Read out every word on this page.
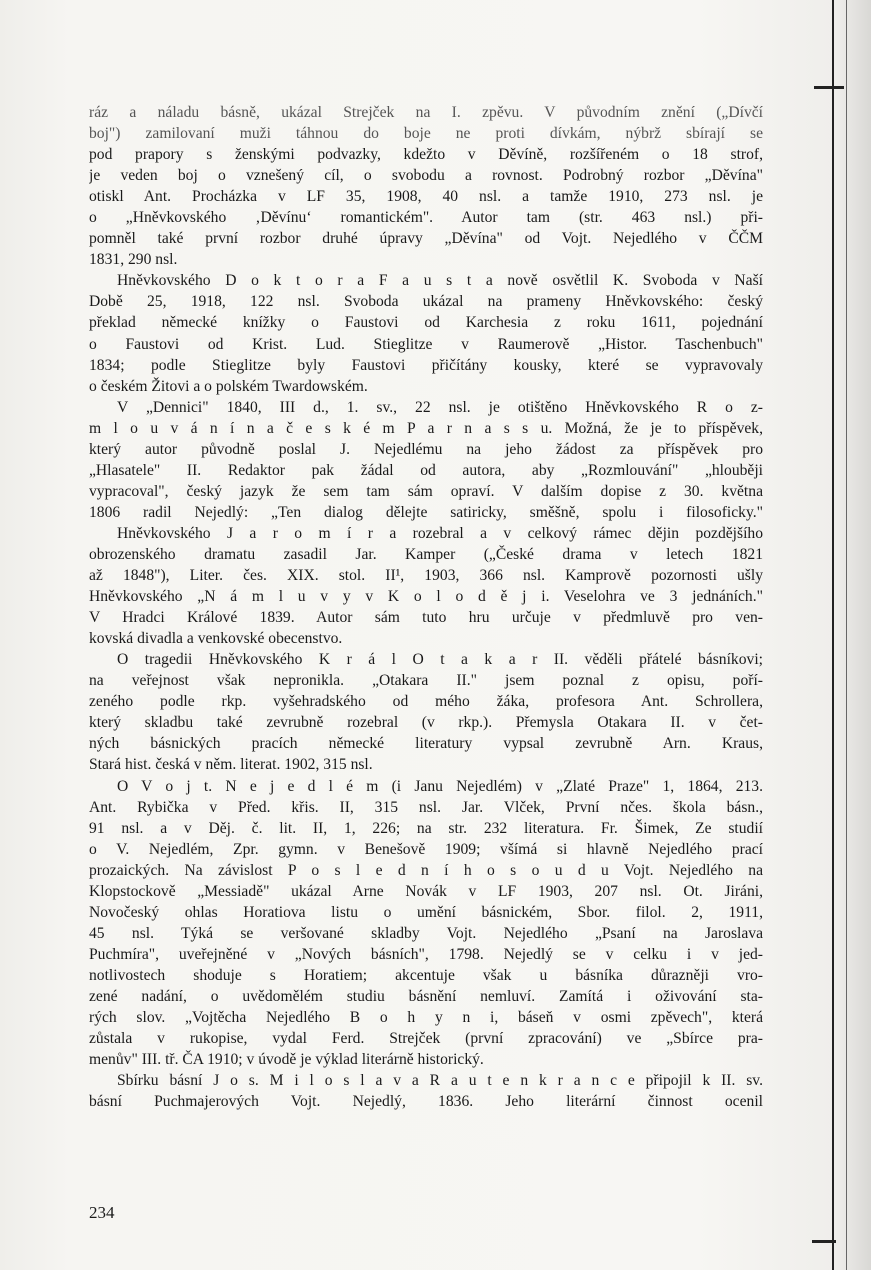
ráz a náladu básně, ukázal Strejček na I. zpěvu. V původním znění („Dívčí
boj") zamilovaní muži táhnou do boje ne proti dívkám, nýbrž sbírají se
pod prapory s ženskými podvazky, kdežto v Děvíně, rozšířeném o 18 strof,
je veden boj o vznešený cíl, o svobodu a rovnost. Podrobný rozbor „Děvína"
otiskl Ant. Procházka v LF 35, 1908, 40 nsl. a tamže 1910, 273 nsl. je
o „Hněvkovského ‚Děvínu‘ romantickém". Autor tam (str. 463 nsl.) při-
pomněl také první rozbor druhé úpravy „Děvína" od Vojt. Nejedlého v ČČM
1831, 290 nsl.
Hněvkovského D o k t o r a F a u s t a nově osvětlil K. Svoboda v Naší
Době 25, 1918, 122 nsl. Svoboda ukázal na prameny Hněvkovského: český
překlad německé knížky o Faustovi od Karchesia z roku 1611, pojednání
o Faustovi od Krist. Lud. Stieglitze v Raumerově „Histor. Taschenbuch"
1834; podle Stieglitze byly Faustovi přičítány kousky, které se vypravovaly
o českém Žitovi a o polském Twardowském.
V „Dennici" 1840, III d., 1. sv., 22 nsl. je otištěno Hněvkovského R o z-
m l o u v á n í n a č e s k é m P a r n a s s u. Možná, že je to příspěvek,
který autor původně poslal J. Nejedlému na jeho žádost za příspěvek pro
„Hlasatele" II. Redaktor pak žádal od autora, aby „Rozmlouvání" „hlouběji
vypracoval", český jazyk že sem tam sám opraví. V dalším dopise z 30. května
1806 radil Nejedlý: „Ten dialog dělejte satiricky, směšně, spolu i filosoficky."
Hněvkovského J a r o m í r a rozebral a v celkový rámec dějin pozdějšího
obrozenského dramatu zasadil Jar. Kamper („České drama v letech 1821
až 1848"), Liter. čes. XIX. stol. II¹, 1903, 366 nsl. Kamprově pozornosti ušly
Hněvkovského „N á m l u v y v K o l o d ě j i. Veselohra ve 3 jednáních."
V Hradci Králové 1839. Autor sám tuto hru určuje v předmluvě pro ven-
kovská divadla a venkovské obecenstvo.
O tragedii Hněvkovského K r á l O t a k a r II. věděli přátelé básníkovi;
na veřejnost však nepronikla. „Otakara II." jsem poznal z opisu, poří-
zeného podle rkp. vyšehradského od mého žáka, profesora Ant. Schrollera,
který skladbu také zevrubně rozebral (v rkp.). Přemysla Otakara II. v čet-
ných básnických pracích německé literatury vypsal zevrubně Arn. Kraus,
Stará hist. česká v něm. literat. 1902, 315 nsl.
O V o j t. N e j e d l é m (i Janu Nejedlém) v „Zlaté Praze" 1, 1864, 213.
Ant. Rybička v Před. křis. II, 315 nsl. Jar. Vlček, První nčes. škola básn.,
91 nsl. a v Děj. č. lit. II, 1, 226; na str. 232 literatura. Fr. Šimek, Ze studií
o V. Nejedlém, Zpr. gymn. v Benešově 1909; všímá si hlavně Nejedlého prací
prozaických. Na závislost P o s l e d n í h o s o u d u Vojt. Nejedlého na
Klopstockově „Messiadě" ukázal Arne Novák v LF 1903, 207 nsl. Ot. Jiráni,
Novočeský ohlas Horatiova listu o umění básnickém, Sbor. filol. 2, 1911,
45 nsl. Týká se veršované skladby Vojt. Nejedlého „Psaní na Jaroslava
Puchmíra", uveřejněné v „Nových básních", 1798. Nejedlý se v celku i v jed-
notlivostech shoduje s Horatiem; akcentuje však u básníka důrazněji vro-
zené nadání, o uvědomělém studiu básnění nemluví. Zamítá i oživování sta-
rých slov. „Vojtěcha Nejedlého B o h y n i, báseň v osmi zpěvech", která
zůstala v rukopise, vydal Ferd. Strejček (první zpracování) ve „Sbírce pra-
menův" III. tř. ČA 1910; v úvodě je výklad literárně historický.
Sbírku básní J o s. M i l o s l a v a R a u t e n k r a n c e připojil k II. sv.
básní Puchmajerových Vojt. Nejedlý, 1836. Jeho literární činnost ocenil
234
